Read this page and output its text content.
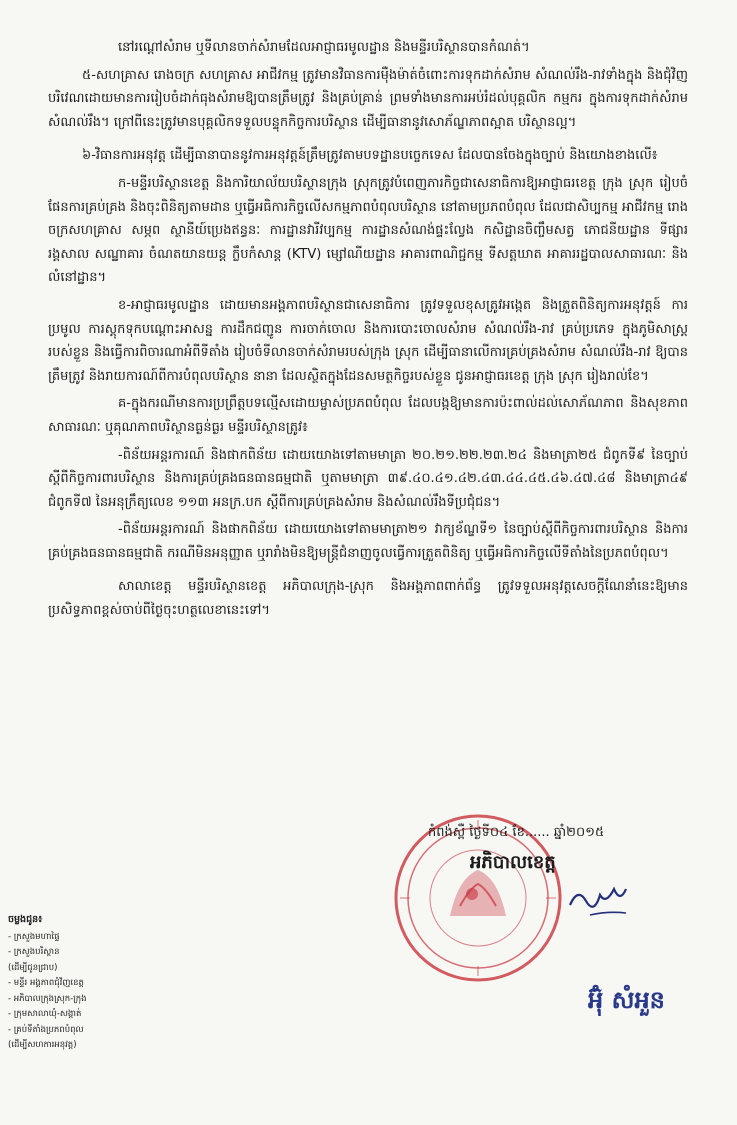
នៅរណ្ដៅសំរាម ឬទីលានចាក់សំរាមដែលអាជ្ញាធរមូលដ្ឋាន និងមន្ទីរបរិស្ថានបានកំណត់។

៥-សហគ្រាស រោងចក្រ សហគ្រាស អាជីវកម្ម ត្រូវមានវិធានការម៉ឺងម៉ាត់ចំពោះការទុកដាក់សំរាម សំណល់រឹង-រាវទាំងក្នុង និងជុំវិញបរិវេណដោយមានការរៀបចំដាក់ធុងសំរាមឱ្យបានត្រឹមត្រូវ និងគ្រប់គ្រាន់ ព្រមទាំងមានការអប់រំដល់បុគ្គលិក កម្មករ ក្នុងការទុកដាក់សំរាម សំណល់រឹង។ ក្រៅពីនេះត្រូវមានបុគ្គលិកទទួលបន្ទុកកិច្ចការបរិស្ថាន ដើម្បីធានានូវសោភ័ណ្ឌភាពស្អាត បរិស្ថានល្អ។

៦-វិធានការអនុវត្ត ដើម្បីធានាបាននូវការអនុវត្តន៍ត្រឹមត្រូវតាមបទដ្ឋានបច្ចេកទេស ដែលបានចែងក្នុងច្បាប់ និងយោងខាងលើ៖

ក-មន្ទីរបរិស្ថានខេត្ត និងការិយាល័យបរិស្ថានក្រុង ស្រុកត្រូវបំពេញភារកិច្ចជាសេនាធិការឱ្យអាជ្ញាធរខេត្ត ក្រុង ស្រុក រៀបចំផែនការគ្រប់គ្រង និងចុះពិនិត្យតាមដាន ឬធ្វើអធិការកិច្ចលើសកម្មភាពបំពុលបរិស្ថាន នៅតាមប្រភពបំពុល ដែលជាសិប្បកម្ម អាជីវកម្ម រោងចក្រសហគ្រាស សម្ភព ស្ថានីយ៍ប្រេងឥន្ធនៈ ការដ្ឋានវារីវប្បកម្ម ការដ្ឋានសំណង់ផ្ទះល្វែង កសិដ្ឋានចិញ្ចឹមសត្វ ភោជនីយដ្ឋាន ទីផ្សារ រង្គសាល សណ្ឋាគារ ចំណតយានយន្ត ក្លឹបកំសាន្ត (KTV) ម្សៅណីយដ្ឋាន អាគារពាណិជ្ជកម្ម ទីសត្តឃាត អាគាររដ្ឋបាលសាធារណៈ និងលំនៅដ្ឋាន។

ខ-អាជ្ញាធរមូលដ្ឋាន ដោយមានអង្គភាពបរិស្ថានជាសេនាធិការ ត្រូវទទួលខុសត្រូវអង្កេត និងត្រួតពិនិត្យការអនុវត្តន៍ ការប្រមូល ការស្តុកទុកបណ្ដោះអាសន្ន ការដឹកជញ្ជូន ការចាក់ចោល និងការបោះចោលសំរាម សំណល់រឹង-រាវ គ្រប់ប្រភេទ ក្នុងភូមិសាស្រ្តរបស់ខ្លួន និងធ្វើការពិចារណាអំពីទីតាំង រៀបចំទីលានចាក់សំរាមរបស់ក្រុង ស្រុក ដើម្បីធានាលើការគ្រប់គ្រងសំរាម សំណល់រឹង-រាវ ឱ្យបានត្រឹមត្រូវ និងរាយការណ៍ពីការបំពុលបរិស្ថាន នានា ដែលស្ថិតក្នុងដែនសមត្ថកិច្ចរបស់ខ្លួន ជូនអាជ្ញាធរខេត្ត ក្រុង ស្រុក រៀងរាល់ខែ។

គ-ក្នុងករណីមានការប្រព្រឹត្តបទល្មើសដោយម្ចាស់ប្រភពបំពុល ដែលបង្កឱ្យមានការប៉ះពាល់ដល់សោភ័ណភាព និងសុខភាពសាធារណៈ ឬគុណភាពបរិស្ថានធ្ងន់ធ្ងរ មន្ទីរបរិស្ថានត្រូវ៖

-ពិន័យអន្តរការណ៍ និងផាកពិន័យ ដោយយោងទៅតាមមាត្រា ២០.២១.២២.២៣.២៤ និងមាត្រា២៥ ជំពូកទី៩ នៃច្បាប់ស្ដីពីកិច្ចការពារបរិស្ថាន និងការគ្រប់គ្រងធនធានធម្មជាតិ ឬតាមមាត្រា ៣៩.៤០.៤១.៤២.៤៣.៤៤.៤៥.៤៦.៤៧.៤៨ និងមាត្រា៤៩ ជំពូកទី៧ នៃអនុក្រឹត្យលេខ ១១៣ អនក្រ.បក ស្ដីពីការគ្រប់គ្រងសំរាម និងសំណល់រឹងទីប្រជុំជន។

-ពិន័យអន្តរការណ៍ និងផាកពិន័យ ដោយយោងទៅតាមមាត្រា២១ វាក្យខ័ណ្ឌទី១ នៃច្បាប់ស្ដីពីកិច្ចការពារបរិស្ថាន និងការគ្រប់គ្រងធនធានធម្មជាតិ ករណីមិនអនុញ្ញាត ឬរារាំងមិនឱ្យមន្ត្រីជំនាញចូលធ្វើការត្រួតពិនិត្យ ឬធ្វើអធិការកិច្ចលើទីតាំងនៃប្រភពបំពុល។

សាលាខេត្ត មន្ទីរបរិស្ថានខេត្ត អភិបាលក្រុង-ស្រុក និងអង្គភាពពាក់ព័ន្ធ ត្រូវទទួលអនុវត្តសេចក្ដីណែនាំនេះឱ្យមានប្រសិទ្ធភាពខ្ពស់ចាប់ពីថ្ងៃចុះហត្ថលេខានេះទៅ។

កំពង់ស្ពឺ ថ្ងៃទី០៤ ខែ...... ឆ្នាំ២០១៥
អភិបាលខេត្ត
អ៊ុំ សំអួន
ចម្លងជូន៖
- ក្រសួងមហាផ្ទៃ
- ក្រសួងបរិស្ថាន
(ដើម្បីជូនជ្រាប)
- មន្ទីរ អង្គភាពជុំវិញខេត្ត
- អភិបាលក្រុងស្រុក-ក្រុង
- ក្រុមសាលាឃុំ-សង្កាត់
- គ្រប់ទីតាំងប្រភពបំពុល
(ដើម្បីសហការអនុវត្ត)
